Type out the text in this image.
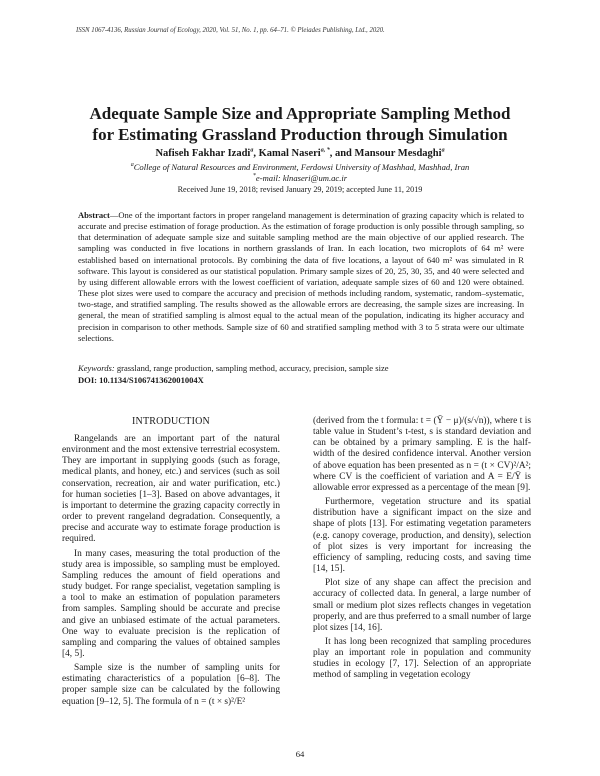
ISSN 1067-4136, Russian Journal of Ecology, 2020, Vol. 51, No. 1, pp. 64–71. © Pleiades Publishing, Ltd., 2020.
Adequate Sample Size and Appropriate Sampling Method
for Estimating Grassland Production through Simulation
Nafiseh Fakhar Izadi$^a$, Kamal Naseri$^{a, *}$, and Mansour Mesdaghi$^a$
$^a$College of Natural Resources and Environment, Ferdowsi University of Mashhad, Mashhad, Iran
*e-mail: klnaseri@um.ac.ir
Received June 19, 2018; revised January 29, 2019; accepted June 11, 2019
Abstract—One of the important factors in proper rangeland management is determination of grazing capacity which is related to accurate and precise estimation of forage production. As the estimation of forage production is only possible through sampling, so that determination of adequate sample size and suitable sampling method are the main objective of our applied research. The sampling was conducted in five locations in northern grasslands of Iran. In each location, two microplots of 64 m² were established based on international protocols. By combining the data of five locations, a layout of 640 m² was simulated in R software. This layout is considered as our statistical population. Primary sample sizes of 20, 25, 30, 35, and 40 were selected and by using different allowable errors with the lowest coefficient of variation, adequate sample sizes of 60 and 120 were obtained. These plot sizes were used to compare the accuracy and precision of methods including random, systematic, random–systematic, two-stage, and stratified sampling. The results showed as the allowable errors are decreasing, the sample sizes are increasing. In general, the mean of stratified sampling is almost equal to the actual mean of the population, indicating its higher accuracy and precision in comparison to other methods. Sample size of 60 and stratified sampling method with 3 to 5 strata were our ultimate selections.
Keywords: grassland, range production, sampling method, accuracy, precision, sample size
DOI: 10.1134/S106741362001004X
INTRODUCTION

Rangelands are an important part of the natural environment and the most extensive terrestrial ecosystem. They are important in supplying goods (such as forage, medical plants, and honey, etc.) and services (such as soil conservation, recreation, air and water purification, etc.) for human societies [1–3]. Based on above advantages, it is important to determine the grazing capacity correctly in order to prevent rangeland degradation. Consequently, a precise and accurate way to estimate forage production is required.

In many cases, measuring the total production of the study area is impossible, so sampling must be employed. Sampling reduces the amount of field operations and study budget. For range specialist, vegetation sampling is a tool to make an estimation of population parameters from samples. Sampling should be accurate and precise and give an unbiased estimate of the actual parameters. One way to evaluate precision is the replication of sampling and comparing the values of obtained samples [4, 5].

Sample size is the number of sampling units for estimating characteristics of a population [6–8]. The proper sample size can be calculated by the following equation [9–12, 5]. The formula of n = (t × s)²/E²

(derived from the t formula: t = (Ȳ − μ)/(s/√n)), where t is table value in Student’s t-test, s is standard deviation and can be obtained by a primary sampling. E is the half-width of the desired confidence interval. Another version of above equation has been presented as n = (t × CV)²/A²; where CV is the coefficient of variation and A = E/Ȳ is allowable error expressed as a percentage of the mean [9].

Furthermore, vegetation structure and its spatial distribution have a significant impact on the size and shape of plots [13]. For estimating vegetation parameters (e.g. canopy coverage, production, and density), selection of plot sizes is very important for increasing the efficiency of sampling, reducing costs, and saving time [14, 15].

Plot size of any shape can affect the precision and accuracy of collected data. In general, a large number of small or medium plot sizes reflects changes in vegetation properly, and are thus preferred to a small number of large plot sizes [14, 16].

It has long been recognized that sampling procedures play an important role in population and community studies in ecology [7, 17]. Selection of an appropriate method of sampling in vegetation ecology

64
